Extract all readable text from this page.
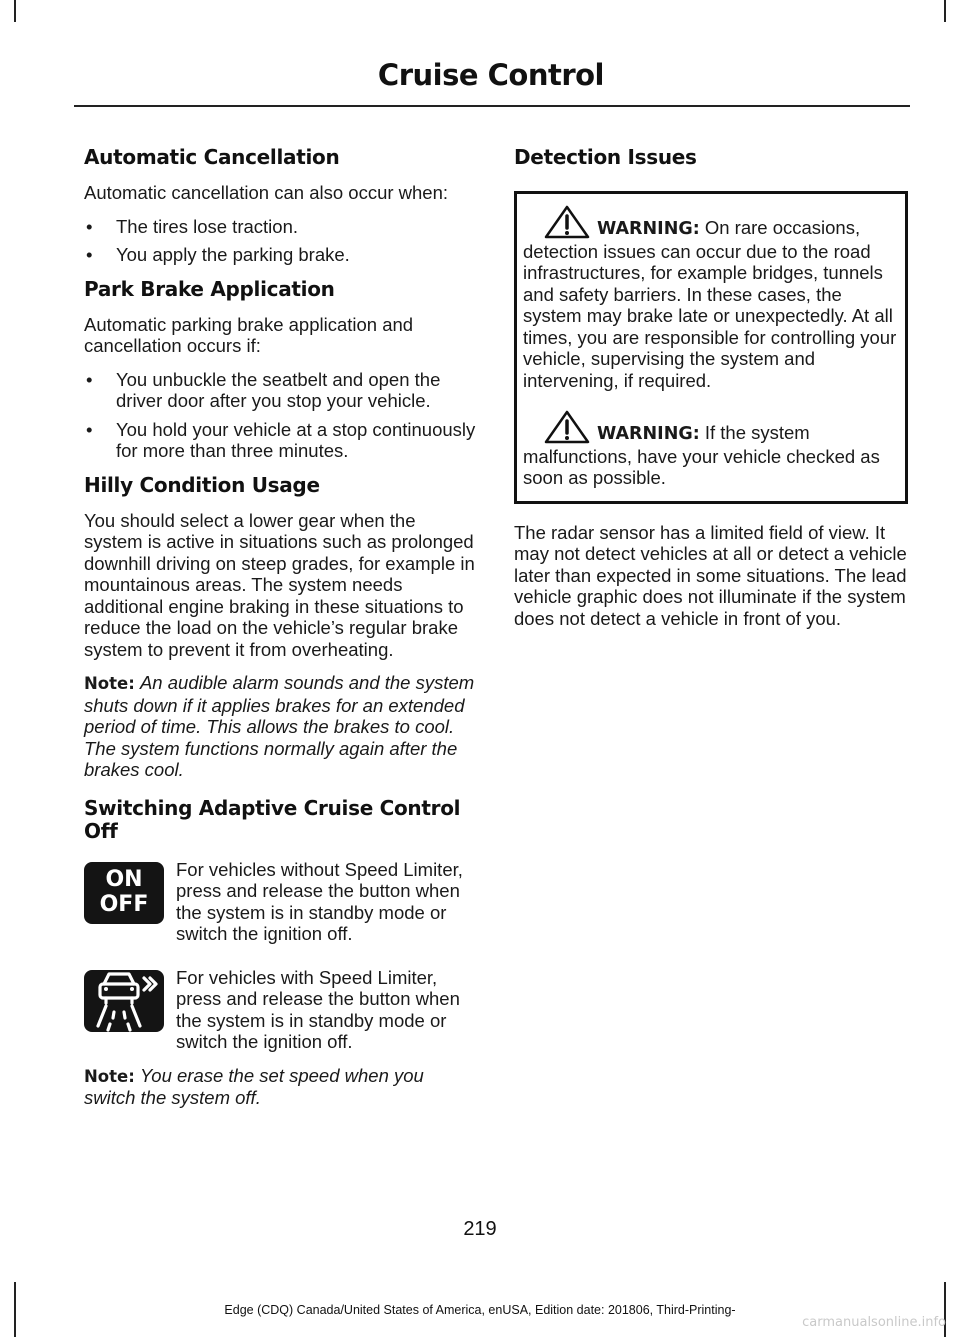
Cruise Control
Automatic Cancellation

Automatic cancellation can also occur when:

• The tires lose traction.
• You apply the parking brake.
Park Brake Application

Automatic parking brake application and cancellation occurs if:

• You unbuckle the seatbelt and open the driver door after you stop your vehicle.
• You hold your vehicle at a stop continuously for more than three minutes.
Hilly Condition Usage

You should select a lower gear when the system is active in situations such as prolonged downhill driving on steep grades, for example in mountainous areas. The system needs additional engine braking in these situations to reduce the load on the vehicle’s regular brake system to prevent it from overheating.

Note: An audible alarm sounds and the system shuts down if it applies brakes for an extended period of time. This allows the brakes to cool. The system functions normally again after the brakes cool.

Switching Adaptive Cruise Control Off
ON
OFF

For vehicles without Speed Limiter, press and release the button when the system is in standby mode or switch the ignition off.

For vehicles with Speed Limiter, press and release the button when the system is in standby mode or switch the ignition off.

Note: You erase the set speed when you switch the system off.

Detection Issues

WARNING: On rare occasions, detection issues can occur due to the road infrastructures, for example bridges, tunnels and safety barriers. In these cases, the system may brake late or unexpectedly. At all times, you are responsible for controlling your vehicle, supervising the system and intervening, if required.

WARNING: If the system malfunctions, have your vehicle checked as soon as possible.

The radar sensor has a limited field of view. It may not detect vehicles at all or detect a vehicle later than expected in some situations. The lead vehicle graphic does not illuminate if the system does not detect a vehicle in front of you.

219
Edge (CDQ) Canada/United States of America, enUSA, Edition date: 201806, Third-Printing-
carmanualsonline.info
